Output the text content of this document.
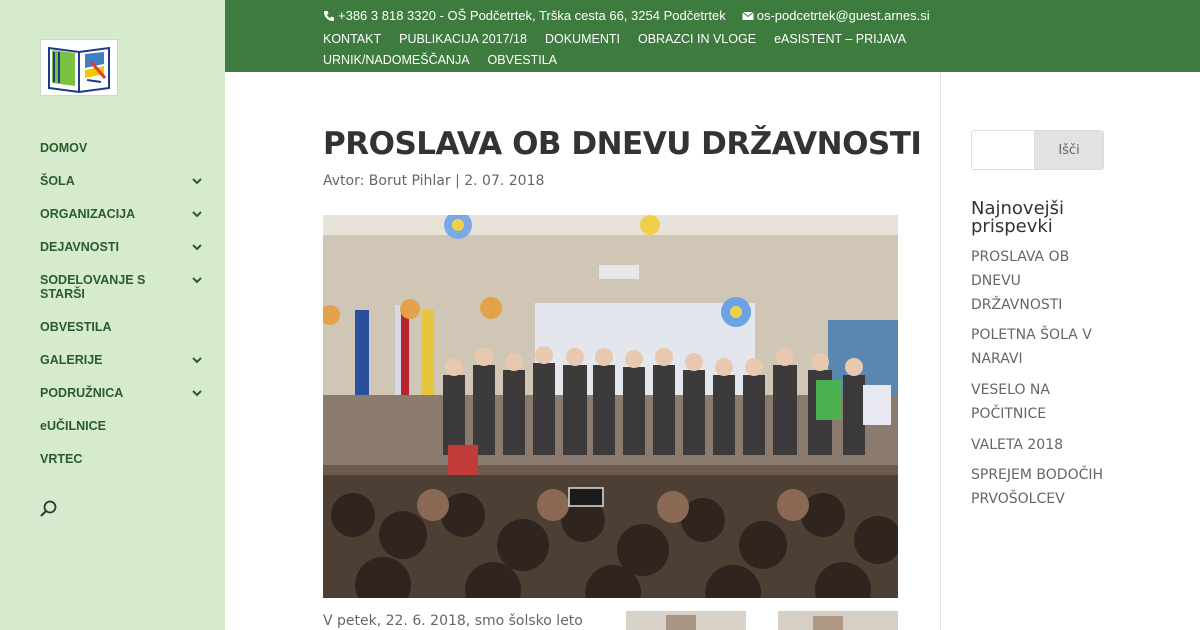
DOMOV
ŠOLA
ORGANIZACIJA
DEJAVNOSTI
SODELOVANJE S STARŠI
OBVESTILA
GALERIJE
PODRUŽNICA
eUČILNICE
VRTEC
+386 3 818 3320 - OŠ Podčetrtek, Trška cesta 66, 3254 Podčetrtek os-podcetrtek@guest.arnes.si
KONTAKT PUBLIKACIJA 2017/18 DOKUMENTI OBRAZCI IN VLOGE eASISTENT – PRIJAVAURNIK/NADOMEŠČANJA OBVESTILA
PROSLAVA OB DNEVU DRŽAVNOSTI
Avtor: Borut Pihlar | 2. 07. 2018
V petek, 22. 6. 2018, smo šolsko leto
Išči
Najnovejši prispevki
PROSLAVA OB DNEVU DRŽAVNOSTI
POLETNA ŠOLA V NARAVI
VESELO NA POČITNICE
VALETA 2018
SPREJEM BODOČIH PRVOŠOLCEV
